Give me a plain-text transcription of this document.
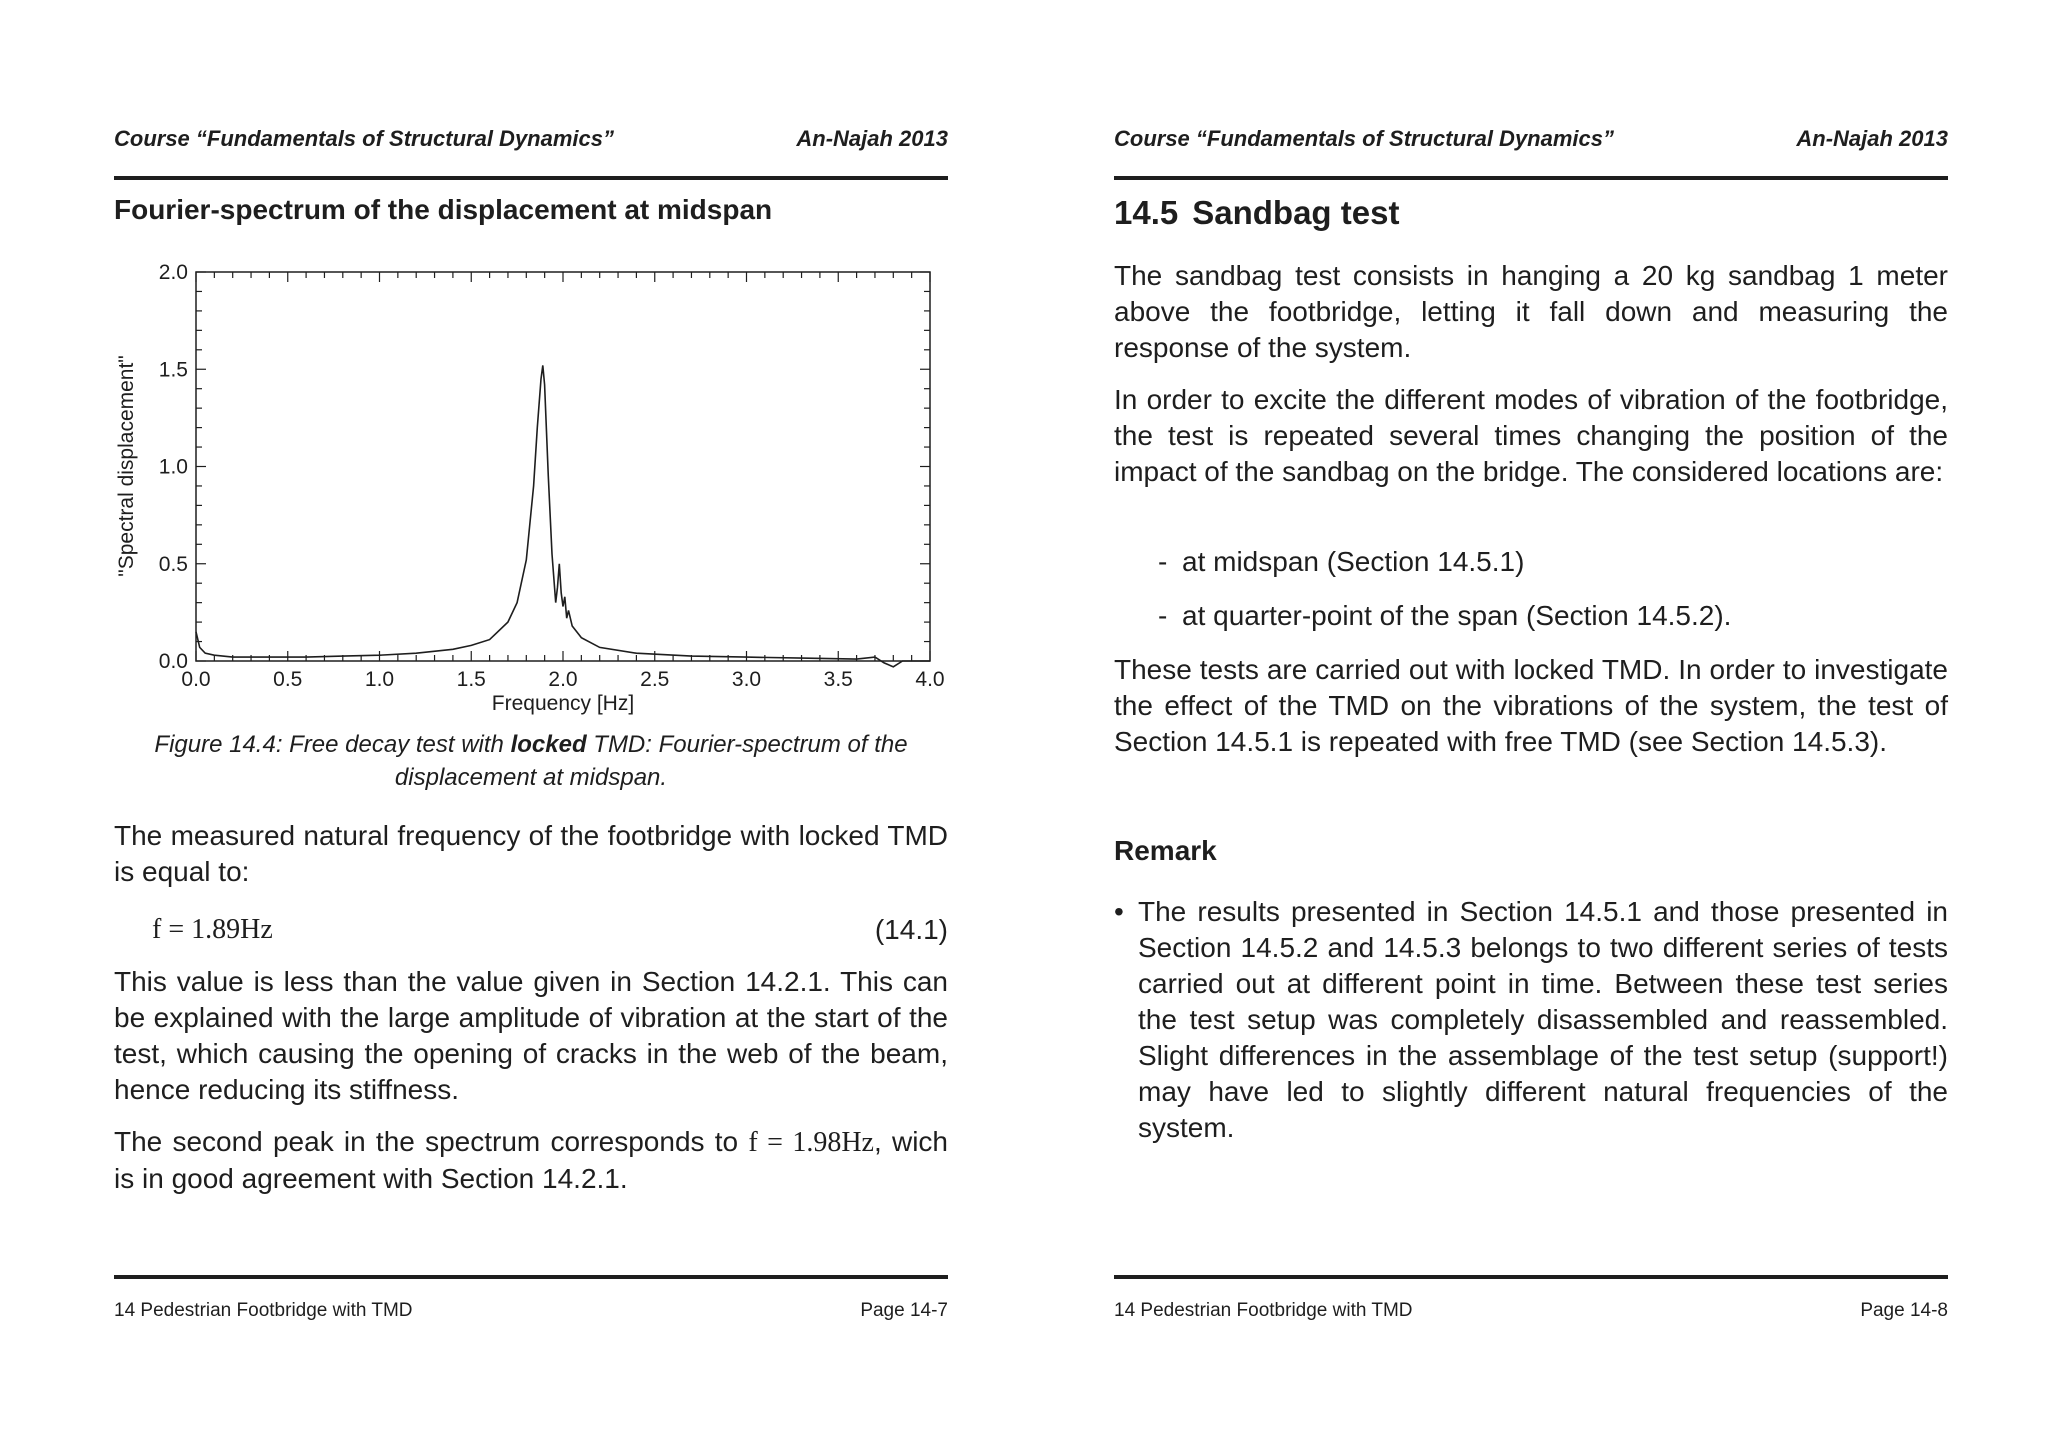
Course “Fundamentals of Structural Dynamics”	An-Najah 2013
Fourier-spectrum of the displacement at midspan
0.0	0.5	1.0	1.5	2.0	2.5	3.0	3.5	4.0
0.0
0.5
1.0
1.5
2.0
Frequency [Hz]
"Spectral displacement"
Figure 14.4: Free decay test with locked TMD: Fourier-spectrum of the displacement at midspan.
The measured natural frequency of the footbridge with locked TMD is equal to:
f = 1.89Hz	(14.1)
This value is less than the value given in Section 14.2.1. This can be explained with the large amplitude of vibration at the start of the test, which causing the opening of cracks in the web of the beam, hence reducing its stiffness.
The second peak in the spectrum corresponds to f = 1.98Hz, wich is in good agreement with Section 14.2.1.
14 Pedestrian Footbridge with TMD	Page 14-7
Course “Fundamentals of Structural Dynamics”	An-Najah 2013
14.5 Sandbag test
The sandbag test consists in hanging a 20 kg sandbag 1 meter above the footbridge, letting it fall down and measuring the response of the system.
In order to excite the different modes of vibration of the footbridge, the test is repeated several times changing the position of the impact of the sandbag on the bridge. The considered locations are:
- at midspan (Section 14.5.1)
- at quarter-point of the span (Section 14.5.2).
These tests are carried out with locked TMD. In order to investigate the effect of the TMD on the vibrations of the system, the test of Section 14.5.1 is repeated with free TMD (see Section 14.5.3).
Remark
• The results presented in Section 14.5.1 and those presented in Section 14.5.2 and 14.5.3 belongs to two different series of tests carried out at different point in time. Between these test series the test setup was completely disassembled and reassembled. Slight differences in the assemblage of the test setup (support!) may have led to slightly different natural frequencies of the system.
14 Pedestrian Footbridge with TMD	Page 14-8
